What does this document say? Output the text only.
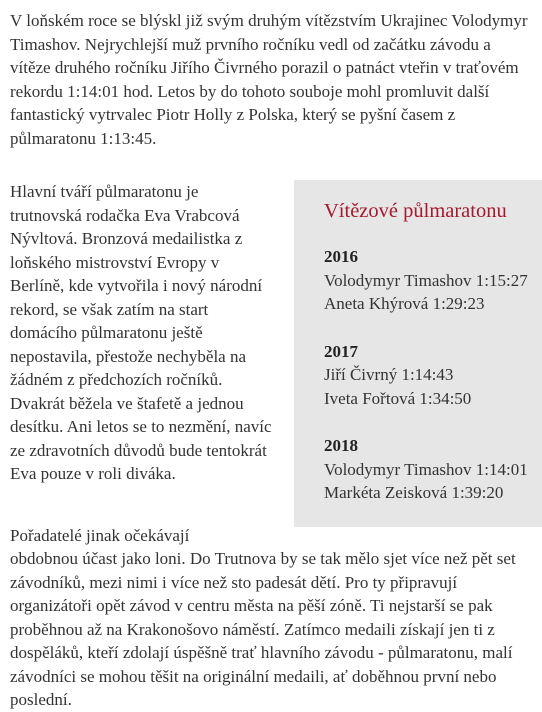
V loňském roce se blýskl již svým druhým vítězstvím Ukrajinec Volodymyr Timashov. Nejrychlejší muž prvního ročníku vedl od začátku závodu a vítěze druhého ročníku Jiřího Čivrného porazil o patnáct vteřin v traťovém rekordu 1:14:01 hod. Letos by do tohoto souboje mohl promluvit další fantastický vytrvalec Piotr Holly z Polska, který se pyšní časem z půlmaratonu 1:13:45.

Vítězové půlmaratonu
2016
Volodymyr Timashov 1:15:27
Aneta Khýrová 1:29:23
2017
Jiří Čivrný 1:14:43
Iveta Fořtová 1:34:50
2018
Volodymyr Timashov 1:14:01
Markéta Zeisková 1:39:20

Hlavní tváří půlmaratonu je trutnovská rodačka Eva Vrabcová Nývltová. Bronzová medailistka z loňského mistrovství Evropy v Berlíně, kde vytvořila i nový národní rekord, se však zatím na start domácího půlmaratonu ještě nepostavila, přestože nechyběla na žádném z předchozích ročníků. Dvakrát běžela ve štafetě a jednou desítku. Ani letos se to nezmění, navíc ze zdravotních důvodů bude tentokrát Eva pouze v roli diváka.

Pořadatelé jinak očekávají
obdobnou účast jako loni. Do Trutnova by se tak mělo sjet více než pět set závodníků, mezi nimi i více než sto padesát dětí. Pro ty připravují organizátoři opět závod v centru města na pěší zóně. Ti nejstarší se pak proběhnou až na Krakonošovo náměstí. Zatímco medaili získají jen ti z dospěláků, kteří zdolají úspěšně trať hlavního závodu - půlmaratonu, malí závodníci se mohou těšit na originální medaili, ať doběhnou první nebo poslední.
